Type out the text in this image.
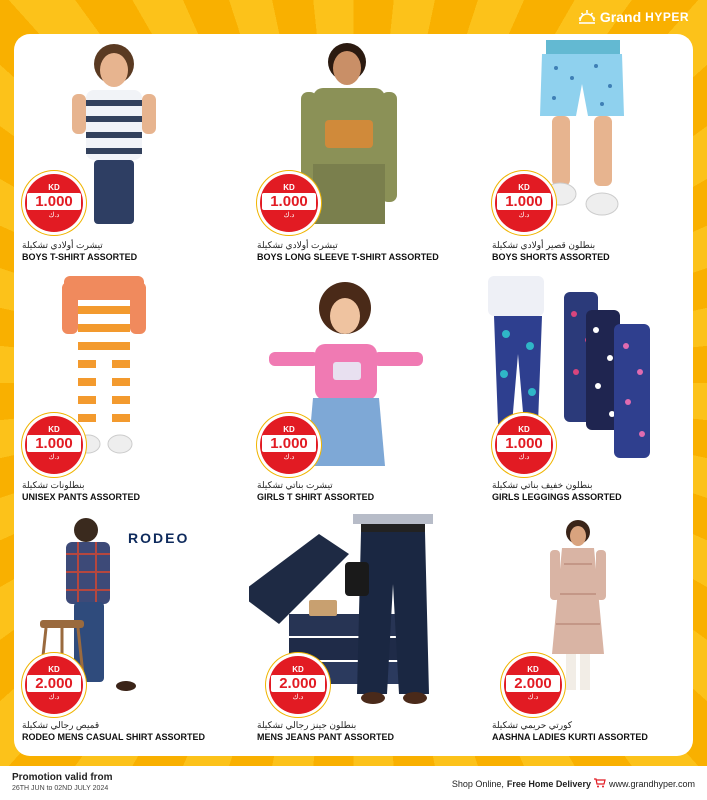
Grand HYPER
KD
1.000
د.ك
تيشرت أولادي تشكيلة
BOYS T-SHIRT ASSORTED
KD
1.000
د.ك
تيشرت أولادي تشكيلة
BOYS LONG SLEEVE T-SHIRT ASSORTED
KD
1.000
د.ك
بنطلون قصير أولادي تشكيلة
BOYS SHORTS ASSORTED
KD
1.000
د.ك
بنطلونات تشكيلة
UNISEX PANTS ASSORTED
KD
1.000
د.ك
تيشرت بناتي تشكيلة
GIRLS T SHIRT ASSORTED
KD
1.000
د.ك
بنطلون خفيف بناتي تشكيلة
GIRLS LEGGINGS ASSORTED
RODEO
KD
2.000
د.ك
قميص رجالي تشكيلة
RODEO MENS CASUAL SHIRT ASSORTED
KD
2.000
د.ك
بنطلون جينز رجالي تشكيلة
MENS JEANS PANT ASSORTED
KD
2.000
د.ك
كورتي حريمي تشكيلة
AASHNA LADIES KURTI ASSORTED
Promotion valid from
26TH JUN to 02ND JULY 2024	Shop Online, Free Home Delivery www.grandhyper.com
